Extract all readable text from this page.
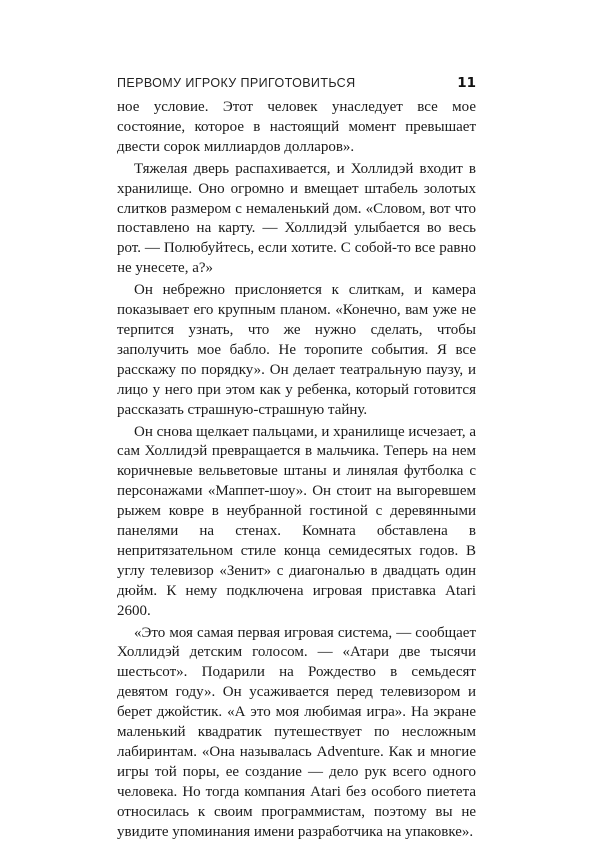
ПЕРВОМУ ИГРОКУ ПРИГОТОВИТЬСЯ	11

ное условие. Этот человек унаследует все мое состояние, которое в настоящий момент превышает двести сорок миллиардов долларов».

Тяжелая дверь распахивается, и Холлидэй входит в хранилище. Оно огромно и вмещает штабель золотых слитков размером с немаленький дом. «Словом, вот что поставлено на карту. — Холлидэй улыбается во весь рот. — Полюбуйтесь, если хотите. С собой-то все равно не унесете, а?»

Он небрежно прислоняется к слиткам, и камера показывает его крупным планом. «Конечно, вам уже не терпится узнать, что же нужно сделать, чтобы заполучить мое бабло. Не торопите события. Я все расскажу по порядку». Он делает театральную паузу, и лицо у него при этом как у ребенка, который готовится рассказать страшную-страшную тайну.

Он снова щелкает пальцами, и хранилище исчезает, а сам Холлидэй превращается в мальчика. Теперь на нем коричневые вельветовые штаны и линялая футболка с персонажами «Маппет-шоу». Он стоит на выгоревшем рыжем ковре в неубранной гостиной с деревянными панелями на стенах. Комната обставлена в непритязательном стиле конца семидесятых годов. В углу телевизор «Зенит» с диагональю в двадцать один дюйм. К нему подключена игровая приставка Atari 2600.

«Это моя самая первая игровая система, — сообщает Холлидэй детским голосом. — «Атари две тысячи шестьсот». Подарили на Рождество в семьдесят девятом году». Он усаживается перед телевизором и берет джойстик. «А это моя любимая игра». На экране маленький квадратик путешествует по несложным лабиринтам. «Она называлась Adventure. Как и многие игры той поры, ее создание — дело рук всего одного человека. Но тогда компания Atari без особого пиетета относилась к своим программистам, поэтому вы не увидите упоминания имени разработчика на упаковке».
